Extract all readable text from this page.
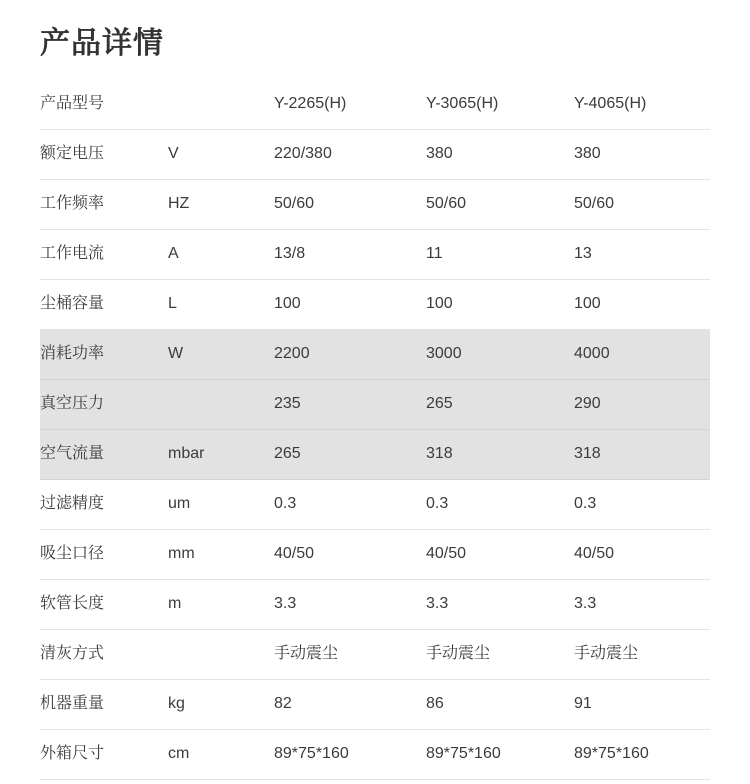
产品详情
产品型号		Y-2265(H)	Y-3065(H)	Y-4065(H)

额定电压	V	220/380	380	380

工作频率	HZ	50/60	50/60	50/60

工作电流	A	13/8	11	13

尘桶容量	L	100	100	100

消耗功率	W	2200	3000	4000

真空压力		235	265	290

空气流量	mbar	265	318	318

过滤精度	um	0.3	0.3	0.3

吸尘口径	mm	40/50	40/50	40/50

软管长度	m	3.3	3.3	3.3

清灰方式		手动震尘	手动震尘	手动震尘

机器重量	kg	82	86	91

外箱尺寸	cm	89*75*160	89*75*160	89*75*160
